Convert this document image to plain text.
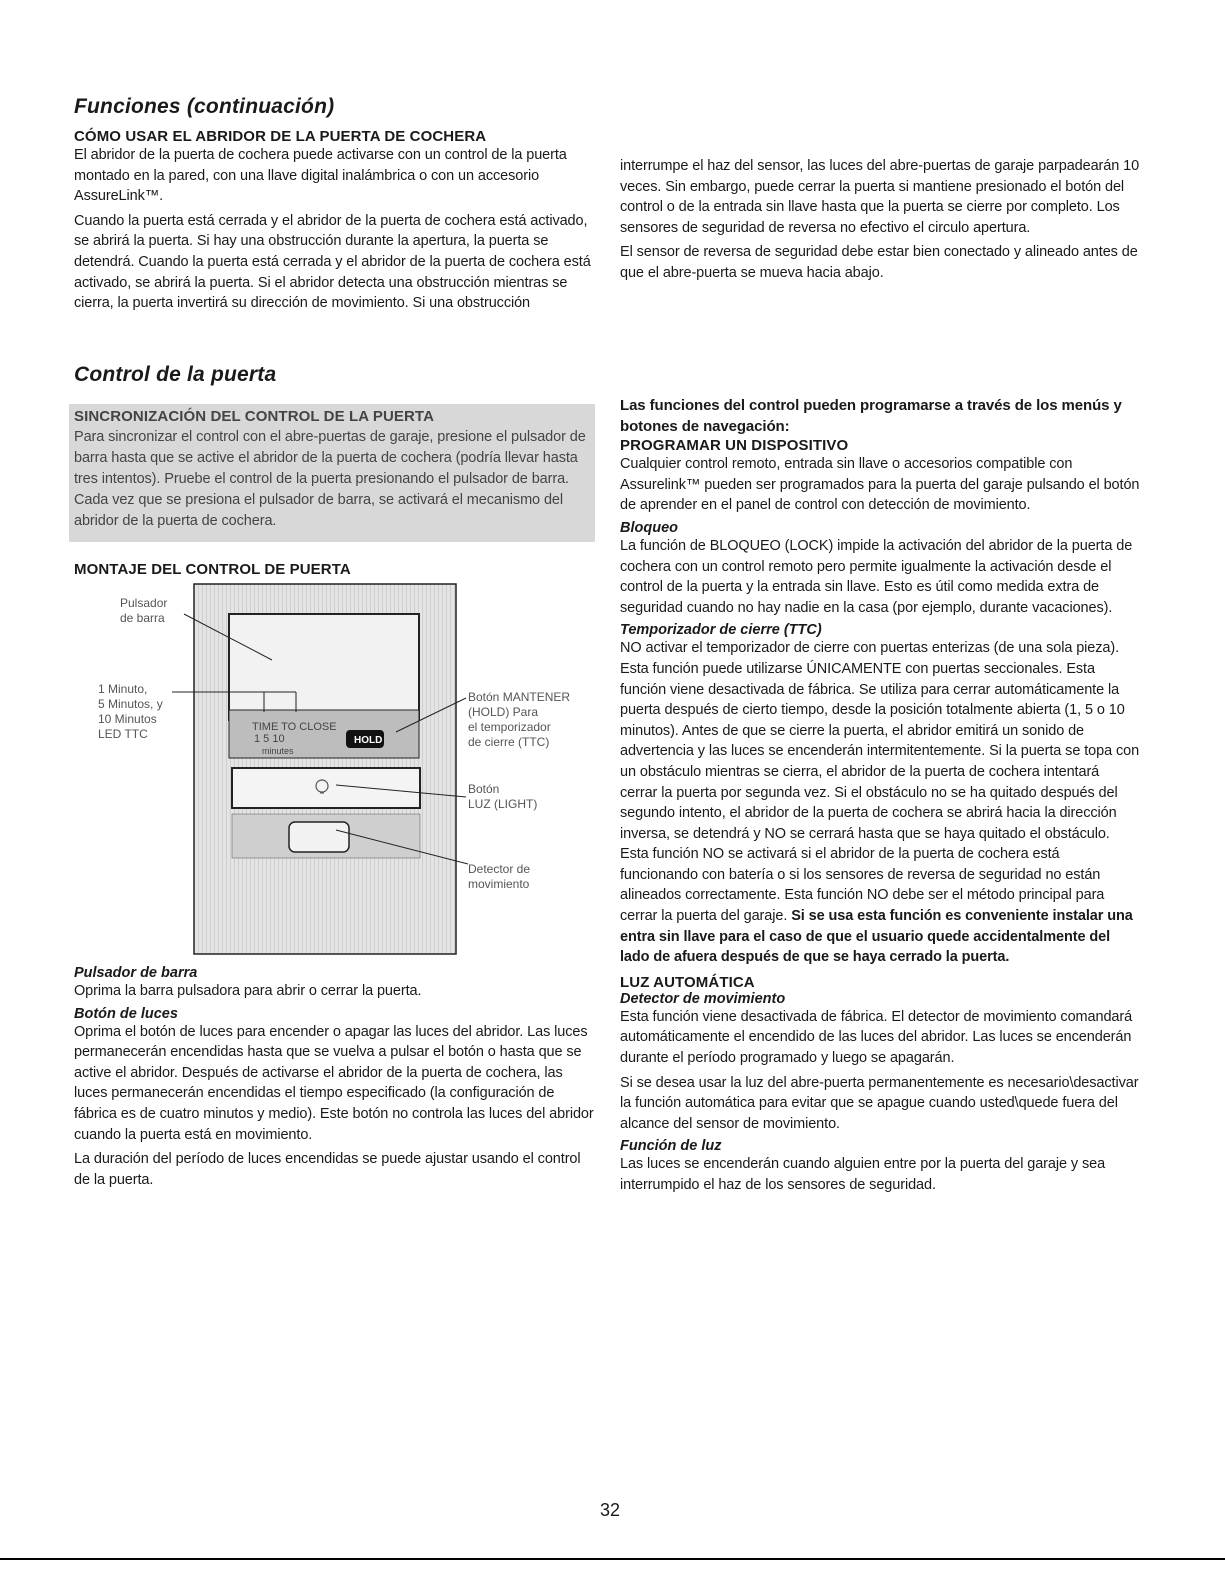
Funciones (continuación)
CÓMO USAR EL ABRIDOR DE LA PUERTA DE COCHERA

El abridor de la puerta de cochera puede activarse con un control de la puerta montado en la pared, con una llave digital inalámbrica o con un accesorio AssureLink™.

Cuando la puerta está cerrada y el abridor de la puerta de cochera está activado, se abrirá la puerta. Si hay una obstrucción durante la apertura, la puerta se detendrá. Cuando la puerta está cerrada y el abridor de la puerta de cochera está activado, se abrirá la puerta. Si el abridor detecta una obstrucción mientras se cierra, la puerta invertirá su dirección de movimiento. Si una obstrucción

interrumpe el haz del sensor, las luces del abre-puertas de garaje parpadearán 10 veces. Sin embargo, puede cerrar la puerta si mantiene presionado el botón del control o de la entrada sin llave hasta que la puerta se cierre por completo. Los sensores de seguridad de reversa no efectivo el circulo apertura.

El sensor de reversa de seguridad debe estar bien conectado y alineado antes de que el abre-puerta se mueva hacia abajo.

Control de la puerta
SINCRONIZACIÓN DEL CONTROL DE LA PUERTA

Para sincronizar el control con el abre-puertas de garaje, presione el pulsador de barra hasta que se active el abridor de la puerta de cochera (podría llevar hasta tres intentos). Pruebe el control de la puerta presionando el pulsador de barra. Cada vez que se presiona el pulsador de barra, se activará el mecanismo del abridor de la puerta de cochera.

MONTAJE DEL CONTROL DE PUERTA
TIME TO CLOSE
1 5 10
minutes
HOLD
Pulsador
de barra
1 Minuto,
5 Minutos, y
10 Minutos
LED TTC
Botón MANTENER
(HOLD) Para
el temporizador
de cierre (TTC)
Botón
LUZ (LIGHT)
Detector de
movimiento
Pulsador de barra

Oprima la barra pulsadora para abrir o cerrar la puerta.

Botón de luces

Oprima el botón de luces para encender o apagar las luces del abridor. Las luces permanecerán encendidas hasta que se vuelva a pulsar el botón o hasta que se active el abridor. Después de activarse el abridor de la puerta de cochera, las luces permanecerán encendidas el tiempo especificado (la configuración de fábrica es de cuatro minutos y medio). Este botón no controla las luces del abridor cuando la puerta está en movimiento.

La duración del período de luces encendidas se puede ajustar usando el control de la puerta.

Las funciones del control pueden programarse a través de los menús y botones de navegación:

PROGRAMAR UN DISPOSITIVO

Cualquier control remoto, entrada sin llave o accesorios compatible con Assurelink™ pueden ser programados para la puerta del garaje pulsando el botón de aprender en el panel de control con detección de movimiento.

Bloqueo

La función de BLOQUEO (LOCK) impide la activación del abridor de la puerta de cochera con un control remoto pero permite igualmente la activación desde el control de la puerta y la entrada sin llave. Esto es útil como medida extra de seguridad cuando no hay nadie en la casa (por ejemplo, durante vacaciones).

Temporizador de cierre (TTC)

NO activar el temporizador de cierre con puertas enterizas (de una sola pieza). Esta función puede utilizarse ÚNICAMENTE con puertas seccionales. Esta función viene desactivada de fábrica. Se utiliza para cerrar automáticamente la puerta después de cierto tiempo, desde la posición totalmente abierta (1, 5 o 10 minutos). Antes de que se cierre la puerta, el abridor emitirá un sonido de advertencia y las luces se encenderán intermitentemente. Si la puerta se topa con un obstáculo mientras se cierra, el abridor de la puerta de cochera intentará cerrar la puerta por segunda vez. Si el obstáculo no se ha quitado después del segundo intento, el abridor de la puerta de cochera se abrirá hacia la dirección inversa, se detendrá y NO se cerrará hasta que se haya quitado el obstáculo. Esta función NO se activará si el abridor de la puerta de cochera está funcionando con batería o si los sensores de reversa de seguridad no están alineados correctamente. Esta función NO debe ser el método principal para cerrar la puerta del garaje. Si se usa esta función es conveniente instalar una entra sin llave para el caso de que el usuario quede accidentalmente del lado de afuera después de que se haya cerrado la puerta.

LUZ AUTOMÁTICA
Detector de movimiento

Esta función viene desactivada de fábrica. El detector de movimiento comandará automáticamente el encendido de las luces del abridor. Las luces se encenderán durante el período programado y luego se apagarán.

Si se desea usar la luz del abre-puerta permanentemente es necesario\desactivar la función automática para evitar que se apague cuando usted\quede fuera del alcance del sensor de movimiento.

Función de luz

Las luces se encenderán cuando alguien entre por la puerta del garaje y sea interrumpido el haz de los sensores de seguridad.

32
